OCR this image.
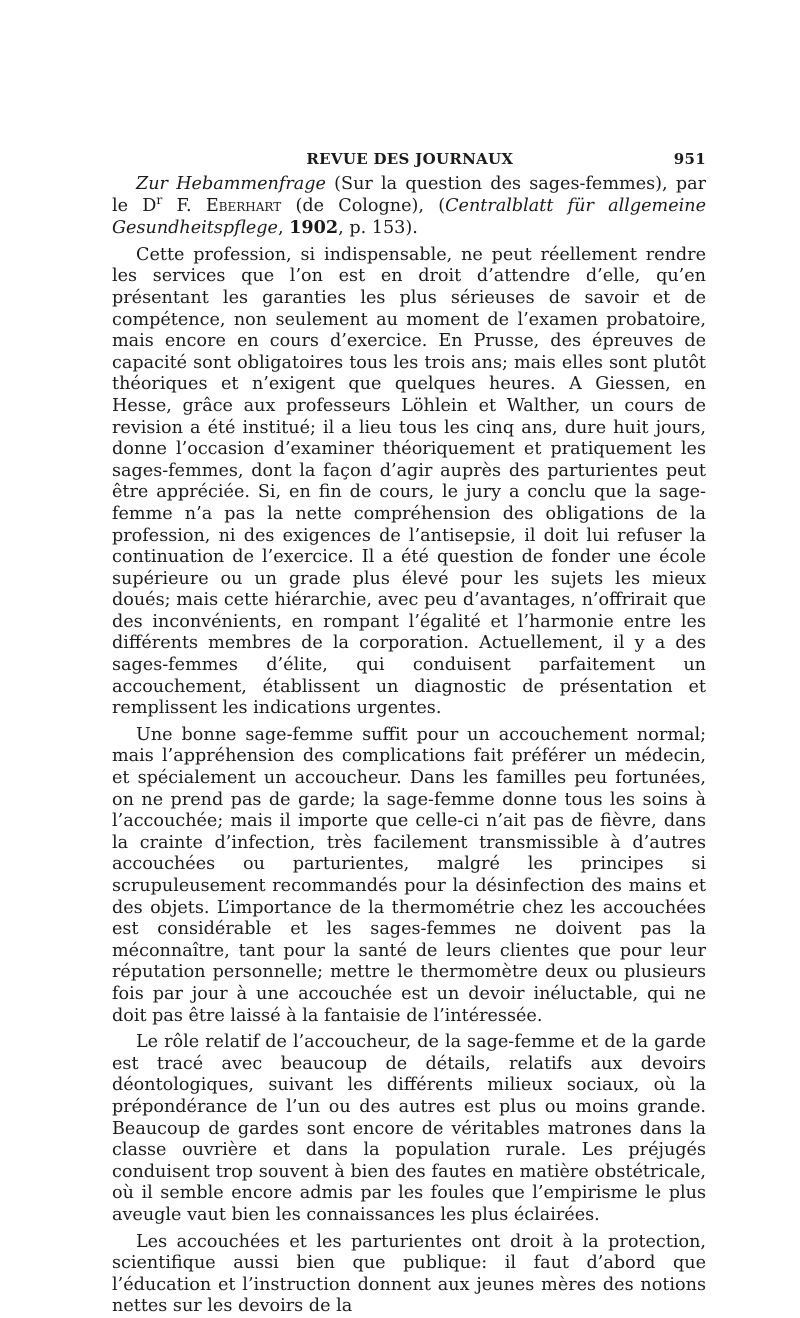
REVUE DES JOURNAUX	951

Zur Hebammenfrage (Sur la question des sages-femmes), par le $D^r$ F. Eberhart (de Cologne), (Centralblatt für allgemeine Gesundheitspflege, 1902, p. 153).

Cette profession, si indispensable, ne peut réellement rendre les services que l’on est en droit d’attendre d’elle, qu’en présentant les garanties les plus sérieuses de savoir et de compétence, non seulement au moment de l’examen probatoire, mais encore en cours d’exercice. En Prusse, des épreuves de capacité sont obligatoires tous les trois ans; mais elles sont plutôt théoriques et n’exigent que quelques heures. A Giessen, en Hesse, grâce aux professeurs Löhlein et Walther, un cours de revision a été institué; il a lieu tous les cinq ans, dure huit jours, donne l’occasion d’examiner théoriquement et pratiquement les sages-femmes, dont la façon d’agir auprès des parturientes peut être appréciée. Si, en fin de cours, le jury a conclu que la sage-femme n’a pas la nette compréhension des obligations de la profession, ni des exigences de l’antisepsie, il doit lui refuser la continuation de l’exercice. Il a été question de fonder une école supérieure ou un grade plus élevé pour les sujets les mieux doués; mais cette hiérarchie, avec peu d’avantages, n’offrirait que des inconvénients, en rompant l’égalité et l’harmonie entre les différents membres de la corporation. Actuellement, il y a des sages-femmes d’élite, qui conduisent parfaitement un accouchement, établissent un diagnostic de présentation et remplissent les indications urgentes.

Une bonne sage-femme suffit pour un accouchement normal; mais l’appréhension des complications fait préférer un médecin, et spécialement un accoucheur. Dans les familles peu fortunées, on ne prend pas de garde; la sage-femme donne tous les soins à l’accouchée; mais il importe que celle-ci n’ait pas de fièvre, dans la crainte d’infection, très facilement transmissible à d’autres accouchées ou parturientes, malgré les principes si scrupuleusement recommandés pour la désinfection des mains et des objets. L’importance de la thermométrie chez les accouchées est considérable et les sages-femmes ne doivent pas la méconnaître, tant pour la santé de leurs clientes que pour leur réputation personnelle; mettre le thermomètre deux ou plusieurs fois par jour à une accouchée est un devoir inéluctable, qui ne doit pas être laissé à la fantaisie de l’intéressée.

Le rôle relatif de l’accoucheur, de la sage-femme et de la garde est tracé avec beaucoup de détails, relatifs aux devoirs déontologiques, suivant les différents milieux sociaux, où la prépondérance de l’un ou des autres est plus ou moins grande. Beaucoup de gardes sont encore de véritables matrones dans la classe ouvrière et dans la population rurale. Les préjugés conduisent trop souvent à bien des fautes en matière obstétricale, où il semble encore admis par les foules que l’empirisme le plus aveugle vaut bien les connaissances les plus éclairées.

Les accouchées et les parturientes ont droit à la protection, scientifique aussi bien que publique: il faut d’abord que l’éducation et l’instruction donnent aux jeunes mères des notions nettes sur les devoirs de la
